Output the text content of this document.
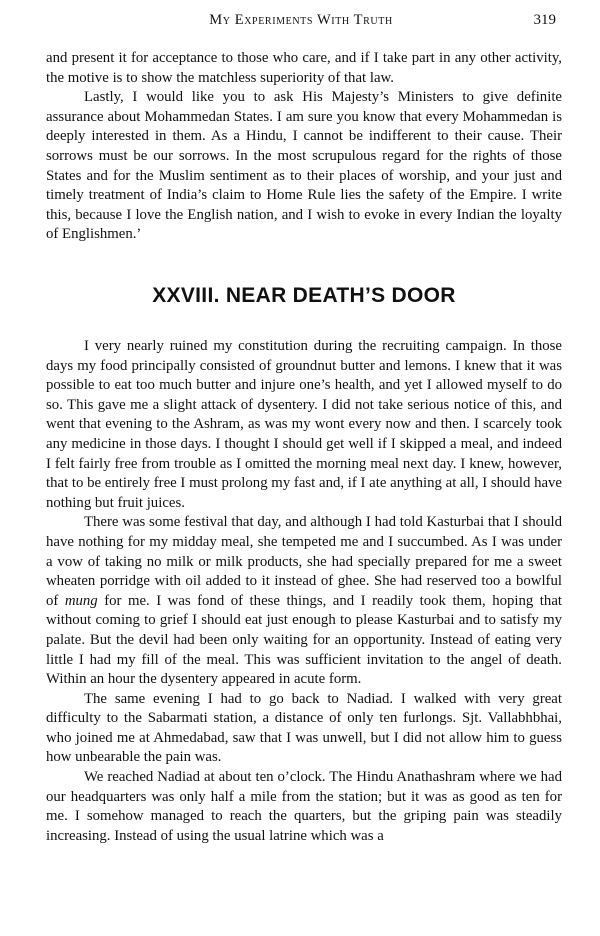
My Experiments With Truth	319

and present it for acceptance to those who care, and if I take part in any other activity, the motive is to show the matchless superiority of that law.

Lastly, I would like you to ask His Majesty’s Ministers to give definite assurance about Mohammedan States. I am sure you know that every Mohammedan is deeply interested in them. As a Hindu, I cannot be indifferent to their cause. Their sorrows must be our sorrows. In the most scrupulous regard for the rights of those States and for the Muslim sentiment as to their places of worship, and your just and timely treatment of India’s claim to Home Rule lies the safety of the Empire. I write this, because I love the English nation, and I wish to evoke in every Indian the loyalty of Englishmen.’

XXVIII. NEAR DEATH’S DOOR

I very nearly ruined my constitution during the recruiting campaign. In those days my food principally consisted of groundnut butter and lemons. I knew that it was possible to eat too much butter and injure one’s health, and yet I allowed myself to do so. This gave me a slight attack of dysentery. I did not take serious notice of this, and went that evening to the Ashram, as was my wont every now and then. I scarcely took any medicine in those days. I thought I should get well if I skipped a meal, and indeed I felt fairly free from trouble as I omitted the morning meal next day. I knew, however, that to be entirely free I must prolong my fast and, if I ate anything at all, I should have nothing but fruit juices.

There was some festival that day, and although I had told Kasturbai that I should have nothing for my midday meal, she tempeted me and I succumbed. As I was under a vow of taking no milk or milk products, she had specially prepared for me a sweet wheaten porridge with oil added to it instead of ghee. She had reserved too a bowlful of mung for me. I was fond of these things, and I readily took them, hoping that without coming to grief I should eat just enough to please Kasturbai and to satisfy my palate. But the devil had been only waiting for an opportunity. Instead of eating very little I had my fill of the meal. This was sufficient invitation to the angel of death. Within an hour the dysentery appeared in acute form.

The same evening I had to go back to Nadiad. I walked with very great difficulty to the Sabarmati station, a distance of only ten furlongs. Sjt. Vallabhbhai, who joined me at Ahmedabad, saw that I was unwell, but I did not allow him to guess how unbearable the pain was.

We reached Nadiad at about ten o’clock. The Hindu Anathashram where we had our headquarters was only half a mile from the station; but it was as good as ten for me. I somehow managed to reach the quarters, but the griping pain was steadily increasing. Instead of using the usual latrine which was a
